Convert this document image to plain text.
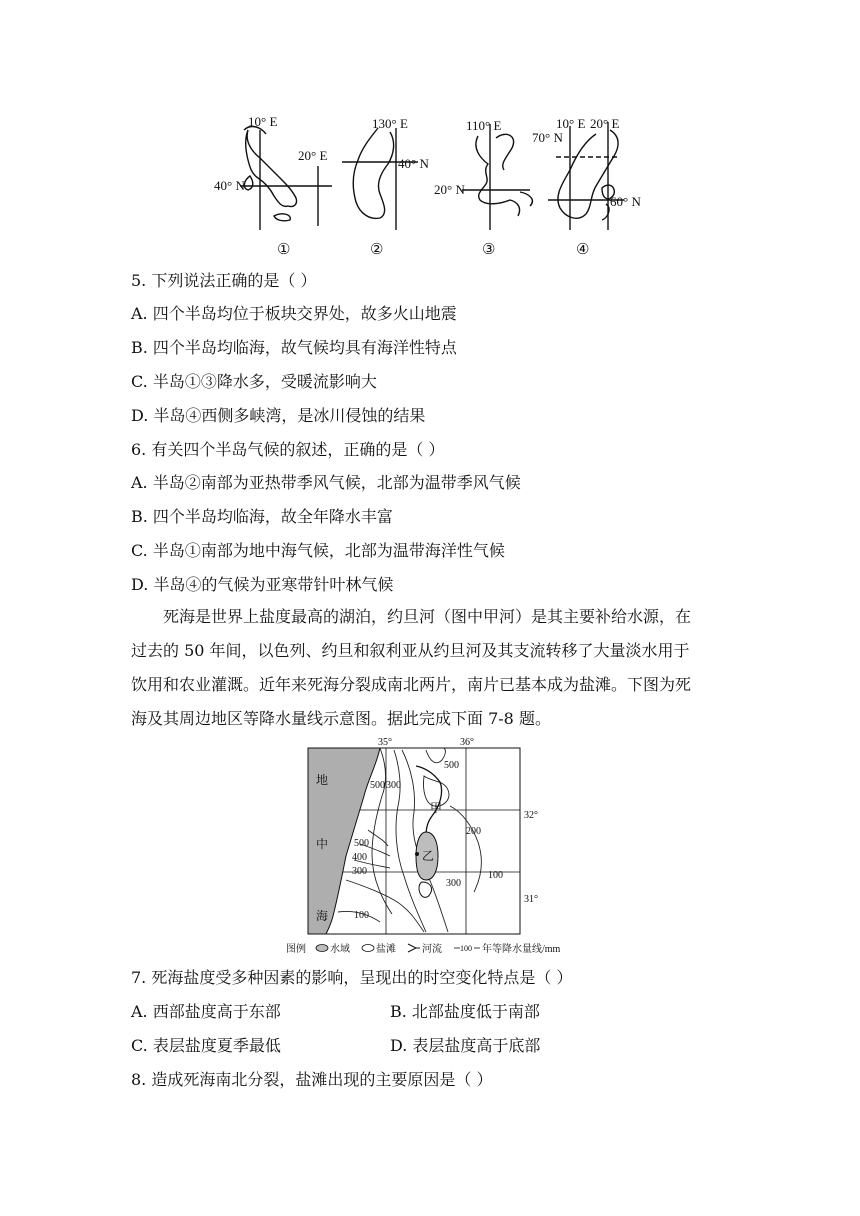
10° E
20° E
40° N
①
130° E
40° N
②
110° E
20° N
③
10° E 20° E
70° N
60° N
④
5. 下列说法正确的是（ ）
A. 四个半岛均位于板块交界处，故多火山地震
B. 四个半岛均临海，故气候均具有海洋性特点
C. 半岛①③降水多，受暖流影响大
D. 半岛④西侧多峡湾，是冰川侵蚀的结果
6. 有关四个半岛气候的叙述，正确的是（ ）
A. 半岛②南部为亚热带季风气候，北部为温带季风气候
B. 四个半岛均临海，故全年降水丰富
C. 半岛①南部为地中海气候，北部为温带海洋性气候
D. 半岛④的气候为亚寒带针叶林气候
死海是世界上盐度最高的湖泊，约旦河（图中甲河）是其主要补给水源，在
过去的 50 年间，以色列、约旦和叙利亚从约旦河及其支流转移了大量淡水用于
饮用和农业灌溉。近年来死海分裂成南北两片，南片已基本成为盐滩。下图为死
海及其周边地区等降水量线示意图。据此完成下面 7-8 题。
35°	36°
32°
31°
300
500
500
200
500
400
300
300
100
100
地
中
海
甲
乙
图例 水域	盐滩	河流 100 年等降水量线/mm
7. 死海盐度受多种因素的影响，呈现出的时空变化特点是（ ）
A. 西部盐度高于东部	B. 北部盐度低于南部
C. 表层盐度夏季最低	D. 表层盐度高于底部
8. 造成死海南北分裂，盐滩出现的主要原因是（ ）
